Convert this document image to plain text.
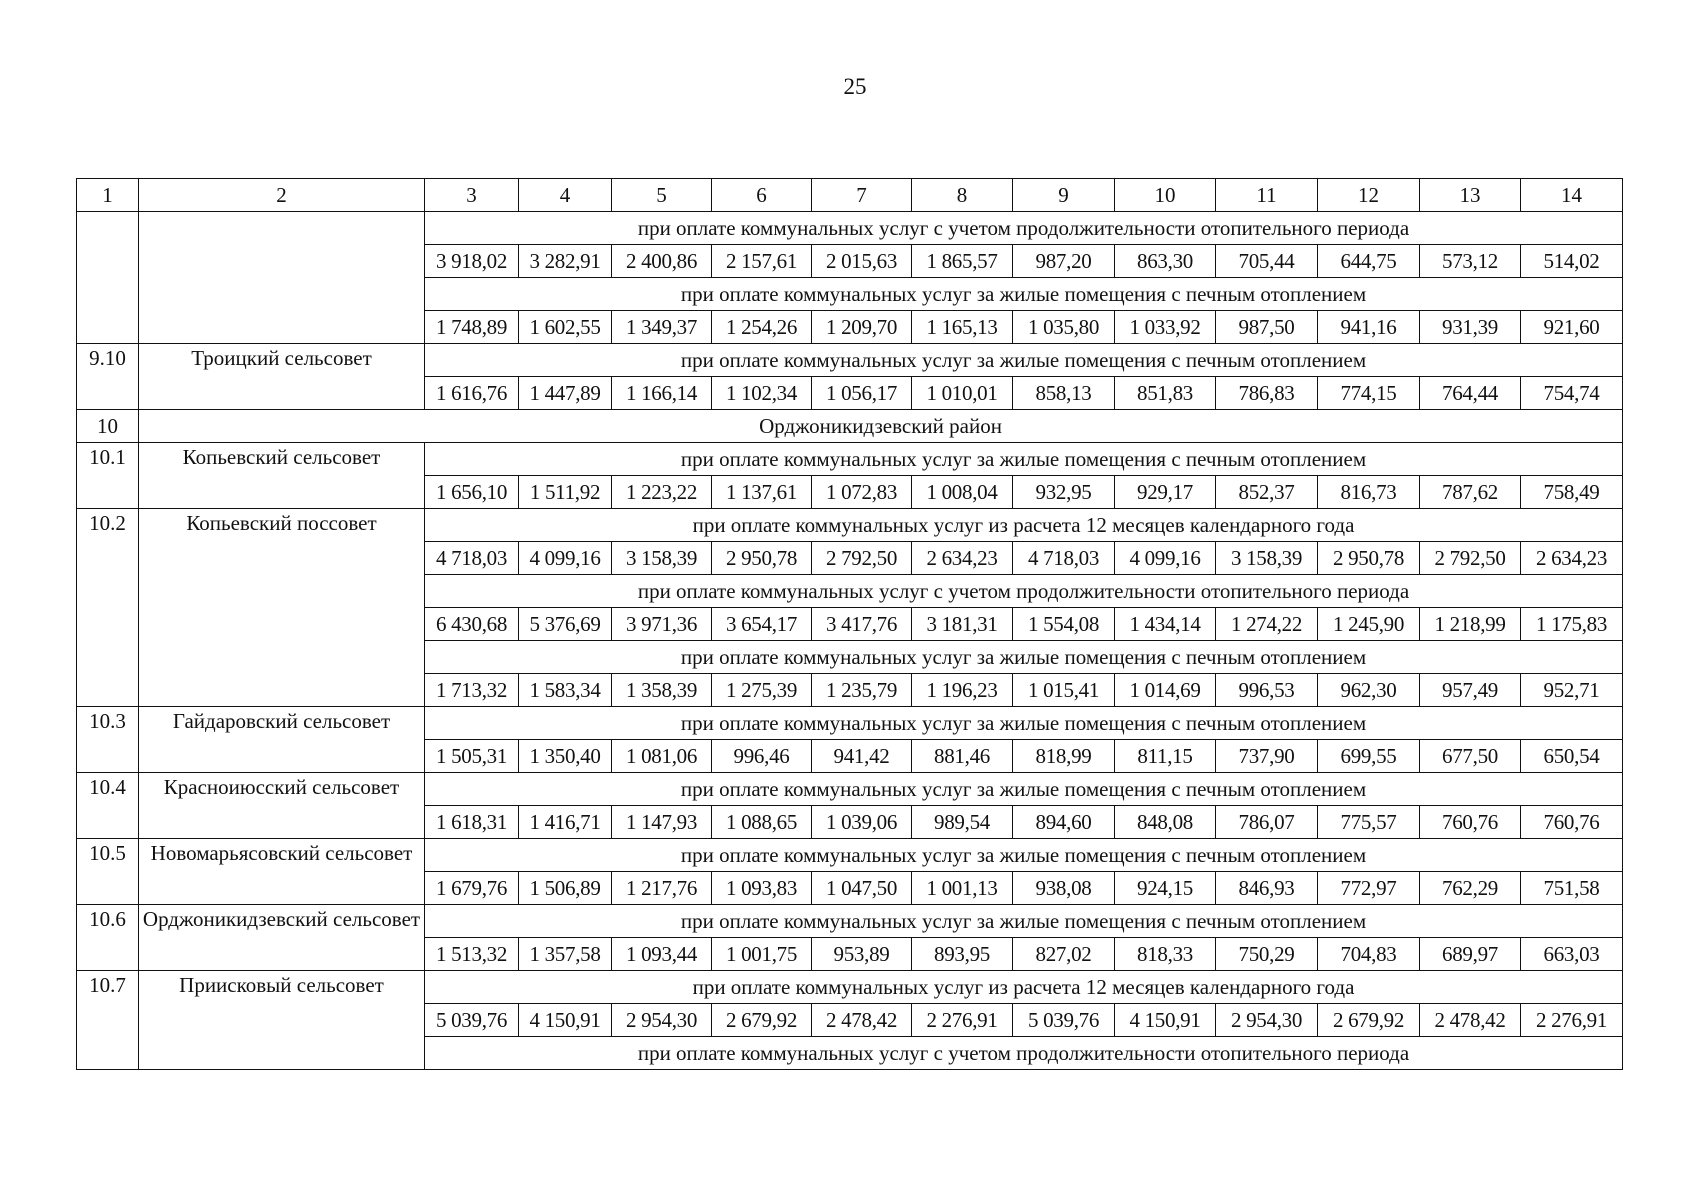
25
1	2	3	4	5	6	7	8	9	10	11	12	13	14
		при оплате коммунальных услуг с учетом продолжительности отопительного периода											
		3 918,02	3 282,91	2 400,86	2 157,61	2 015,63	1 865,57	987,20	863,30	705,44	644,75	573,12	514,02
		при оплате коммунальных услуг за жилые помещения с печным отоплением											
		1 748,89	1 602,55	1 349,37	1 254,26	1 209,70	1 165,13	1 035,80	1 033,92	987,50	941,16	931,39	921,60
9.10	Троицкий сельсовет	при оплате коммунальных услуг за жилые помещения с печным отоплением											
		1 616,76	1 447,89	1 166,14	1 102,34	1 056,17	1 010,01	858,13	851,83	786,83	774,15	764,44	754,74
10	Орджоникидзевский район												
10.1	Копьевский сельсовет	при оплате коммунальных услуг за жилые помещения с печным отоплением											
		1 656,10	1 511,92	1 223,22	1 137,61	1 072,83	1 008,04	932,95	929,17	852,37	816,73	787,62	758,49
10.2	Копьевский поссовет	при оплате коммунальных услуг из расчета 12 месяцев календарного года											
		4 718,03	4 099,16	3 158,39	2 950,78	2 792,50	2 634,23	4 718,03	4 099,16	3 158,39	2 950,78	2 792,50	2 634,23
		при оплате коммунальных услуг с учетом продолжительности отопительного периода											
		6 430,68	5 376,69	3 971,36	3 654,17	3 417,76	3 181,31	1 554,08	1 434,14	1 274,22	1 245,90	1 218,99	1 175,83
		при оплате коммунальных услуг за жилые помещения с печным отоплением											
		1 713,32	1 583,34	1 358,39	1 275,39	1 235,79	1 196,23	1 015,41	1 014,69	996,53	962,30	957,49	952,71
10.3	Гайдаровский сельсовет	при оплате коммунальных услуг за жилые помещения с печным отоплением											
		1 505,31	1 350,40	1 081,06	996,46	941,42	881,46	818,99	811,15	737,90	699,55	677,50	650,54
10.4	Красноиюсский сельсовет	при оплате коммунальных услуг за жилые помещения с печным отоплением											
		1 618,31	1 416,71	1 147,93	1 088,65	1 039,06	989,54	894,60	848,08	786,07	775,57	760,76	760,76
10.5	Новомарьясовский сельсовет	при оплате коммунальных услуг за жилые помещения с печным отоплением											
		1 679,76	1 506,89	1 217,76	1 093,83	1 047,50	1 001,13	938,08	924,15	846,93	772,97	762,29	751,58
10.6	Орджоникидзевский сельсовет	при оплате коммунальных услуг за жилые помещения с печным отоплением											
		1 513,32	1 357,58	1 093,44	1 001,75	953,89	893,95	827,02	818,33	750,29	704,83	689,97	663,03
10.7	Приисковый сельсовет	при оплате коммунальных услуг из расчета 12 месяцев календарного года											
		5 039,76	4 150,91	2 954,30	2 679,92	2 478,42	2 276,91	5 039,76	4 150,91	2 954,30	2 679,92	2 478,42	2 276,91
		при оплате коммунальных услуг с учетом продолжительности отопительного периода											
